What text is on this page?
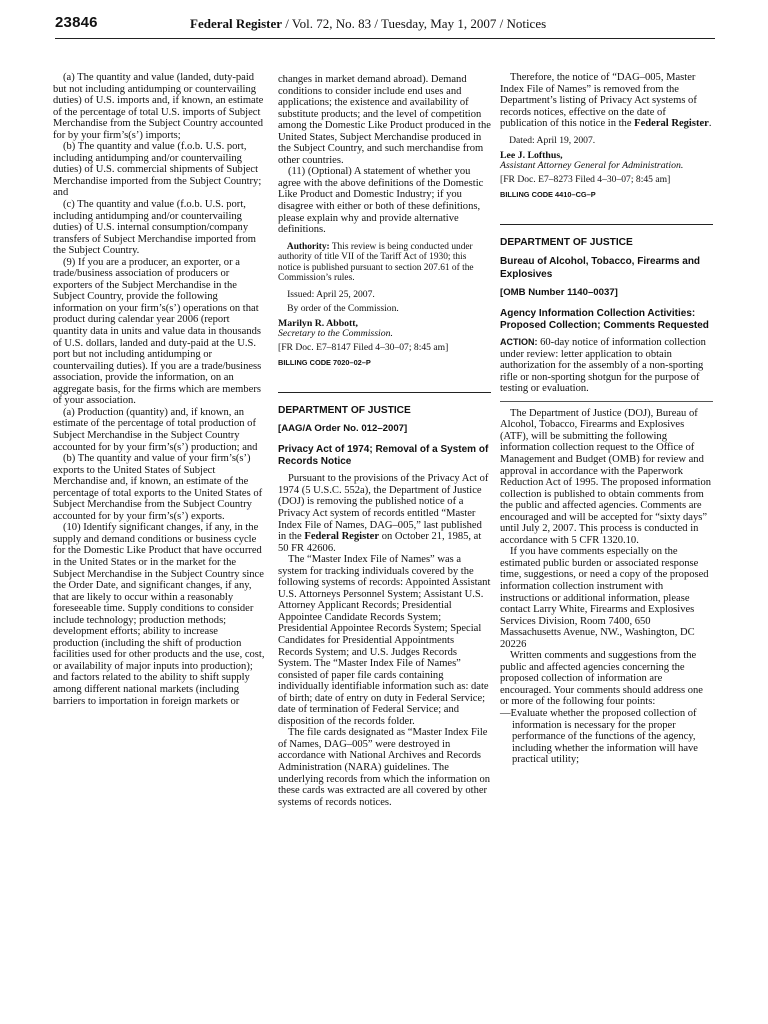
23846	Federal Register / Vol. 72, No. 83 / Tuesday, May 1, 2007 / Notices

(a) The quantity and value (landed, duty-paid but not including antidumping or countervailing duties) of U.S. imports and, if known, an estimate of the percentage of total U.S. imports of Subject Merchandise from the Subject Country accounted for by your firm’s(s’) imports;

(b) The quantity and value (f.o.b. U.S. port, including antidumping and/or countervailing duties) of U.S. commercial shipments of Subject Merchandise imported from the Subject Country; and

(c) The quantity and value (f.o.b. U.S. port, including antidumping and/or countervailing duties) of U.S. internal consumption/company transfers of Subject Merchandise imported from the Subject Country.

(9) If you are a producer, an exporter, or a trade/business association of producers or exporters of the Subject Merchandise in the Subject Country, provide the following information on your firm’s(s’) operations on that product during calendar year 2006 (report quantity data in units and value data in thousands of U.S. dollars, landed and duty-paid at the U.S. port but not including antidumping or countervailing duties). If you are a trade/business association, provide the information, on an aggregate basis, for the firms which are members of your association.

(a) Production (quantity) and, if known, an estimate of the percentage of total production of Subject Merchandise in the Subject Country accounted for by your firm’s(s’) production; and

(b) The quantity and value of your firm’s(s’) exports to the United States of Subject Merchandise and, if known, an estimate of the percentage of total exports to the United States of Subject Merchandise from the Subject Country accounted for by your firm’s(s’) exports.

(10) Identify significant changes, if any, in the supply and demand conditions or business cycle for the Domestic Like Product that have occurred in the United States or in the market for the Subject Merchandise in the Subject Country since the Order Date, and significant changes, if any, that are likely to occur within a reasonably foreseeable time. Supply conditions to consider include technology; production methods; development efforts; ability to increase production (including the shift of production facilities used for other products and the use, cost, or availability of major inputs into production); and factors related to the ability to shift supply among different national markets (including barriers to importation in foreign markets or

changes in market demand abroad). Demand conditions to consider include end uses and applications; the existence and availability of substitute products; and the level of competition among the Domestic Like Product produced in the United States, Subject Merchandise produced in the Subject Country, and such merchandise from other countries.

(11) (Optional) A statement of whether you agree with the above definitions of the Domestic Like Product and Domestic Industry; if you disagree with either or both of these definitions, please explain why and provide alternative definitions.

Authority: This review is being conducted under authority of title VII of the Tariff Act of 1930; this notice is published pursuant to section 207.61 of the Commission’s rules.

Issued: April 25, 2007.

By order of the Commission.

Marilyn R. Abbott,

Secretary to the Commission.

[FR Doc. E7–8147 Filed 4–30–07; 8:45 am]

BILLING CODE 7020–02–P

DEPARTMENT OF JUSTICE

[AAG/A Order No. 012–2007]

Privacy Act of 1974; Removal of a System of Records Notice

Pursuant to the provisions of the Privacy Act of 1974 (5 U.S.C. 552a), the Department of Justice (DOJ) is removing the published notice of a Privacy Act system of records entitled “Master Index File of Names, DAG–005,” last published in the Federal Register on October 21, 1985, at 50 FR 42606.

The “Master Index File of Names” was a system for tracking individuals covered by the following systems of records: Appointed Assistant U.S. Attorneys Personnel System; Assistant U.S. Attorney Applicant Records; Presidential Appointee Candidate Records System; Presidential Appointee Records System; Special Candidates for Presidential Appointments Records System; and U.S. Judges Records System. The “Master Index File of Names” consisted of paper file cards containing individually identifiable information such as: date of birth; date of entry on duty in Federal Service; date of termination of Federal Service; and disposition of the records folder.

The file cards designated as “Master Index File of Names, DAG–005” were destroyed in accordance with National Archives and Records Administration (NARA) guidelines. The underlying records from which the information on these cards was extracted are all covered by other systems of records notices.

Therefore, the notice of “DAG–005, Master Index File of Names” is removed from the Department’s listing of Privacy Act systems of records notices, effective on the date of publication of this notice in the Federal Register.

Dated: April 19, 2007.

Lee J. Lofthus,

Assistant Attorney General for Administration.

[FR Doc. E7–8273 Filed 4–30–07; 8:45 am]

BILLING CODE 4410–CG–P

DEPARTMENT OF JUSTICE

Bureau of Alcohol, Tobacco, Firearms and Explosives

[OMB Number 1140–0037]

Agency Information Collection Activities: Proposed Collection; Comments Requested

ACTION: 60-day notice of information collection under review: letter application to obtain authorization for the assembly of a non-sporting rifle or non-sporting shotgun for the purpose of testing or evaluation.

The Department of Justice (DOJ), Bureau of Alcohol, Tobacco, Firearms and Explosives (ATF), will be submitting the following information collection request to the Office of Management and Budget (OMB) for review and approval in accordance with the Paperwork Reduction Act of 1995. The proposed information collection is published to obtain comments from the public and affected agencies. Comments are encouraged and will be accepted for “sixty days” until July 2, 2007. This process is conducted in accordance with 5 CFR 1320.10.

If you have comments especially on the estimated public burden or associated response time, suggestions, or need a copy of the proposed information collection instrument with instructions or additional information, please contact Larry White, Firearms and Explosives Services Division, Room 7400, 650 Massachusetts Avenue, NW., Washington, DC 20226

Written comments and suggestions from the public and affected agencies concerning the proposed collection of information are encouraged. Your comments should address one or more of the following four points:

—Evaluate whether the proposed collection of information is necessary for the proper performance of the functions of the agency, including whether the information will have practical utility;
